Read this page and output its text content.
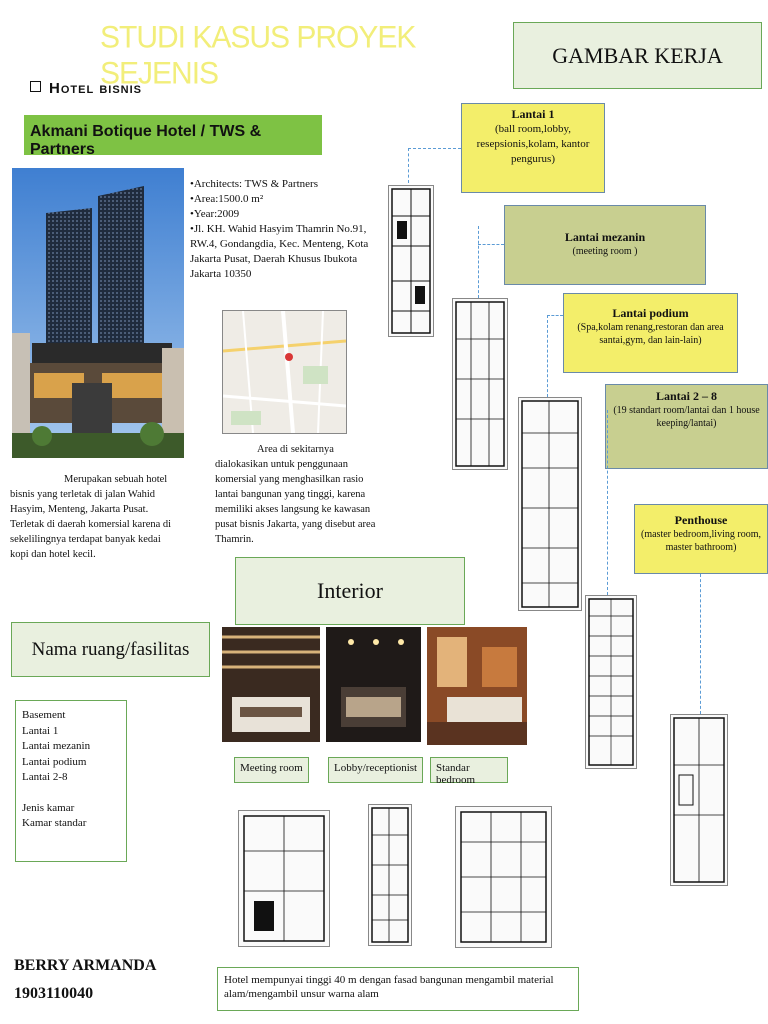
STUDI KASUS PROYEK SEJENIS
Hotel bisnis
Akmani Botique Hotel / TWS & Partners
•Architects: TWS & Partners
•Area:1500.0 m²
•Year:2009
•Jl. KH. Wahid Hasyim Thamrin No.91, RW.4, Gondangdia, Kec. Menteng, Kota Jakarta Pusat, Daerah Khusus Ibukota Jakarta 10350
Merupakan sebuah hotel bisnis yang terletak di jalan Wahid Hasyim, Menteng, Jakarta Pusat. Terletak di daerah komersial karena di sekelilingnya terdapat banyak kedai kopi dan hotel kecil.
Area di sekitarnya dialokasikan untuk penggunaan komersial yang menghasilkan rasio lantai bangunan yang tinggi, karena memiliki akses langsung ke kawasan pusat bisnis Jakarta, yang disebut area Thamrin.
GAMBAR KERJA
Lantai 1
(ball room,lobby, resepsionis,kolam, kantor pengurus)
Lantai mezanin
(meeting room )
Lantai podium
(Spa,kolam renang,restoran dan area santai,gym, dan lain-lain)
Lantai 2 – 8
(19 standart room/lantai dan 1 house keeping/lantai)
Penthouse
(master bedroom,living room, master bathroom)
Interior
Meeting room	Lobby/receptionist	Standar bedroom
Nama ruang/fasilitas
Basement
Lantai 1
Lantai mezanin
Lantai podium
Lantai 2-8
Jenis kamar
Kamar standar
BERRY ARMANDA
1903110040
Hotel mempunyai tinggi 40 m dengan fasad bangunan mengambil material alam/mengambil unsur warna alam
